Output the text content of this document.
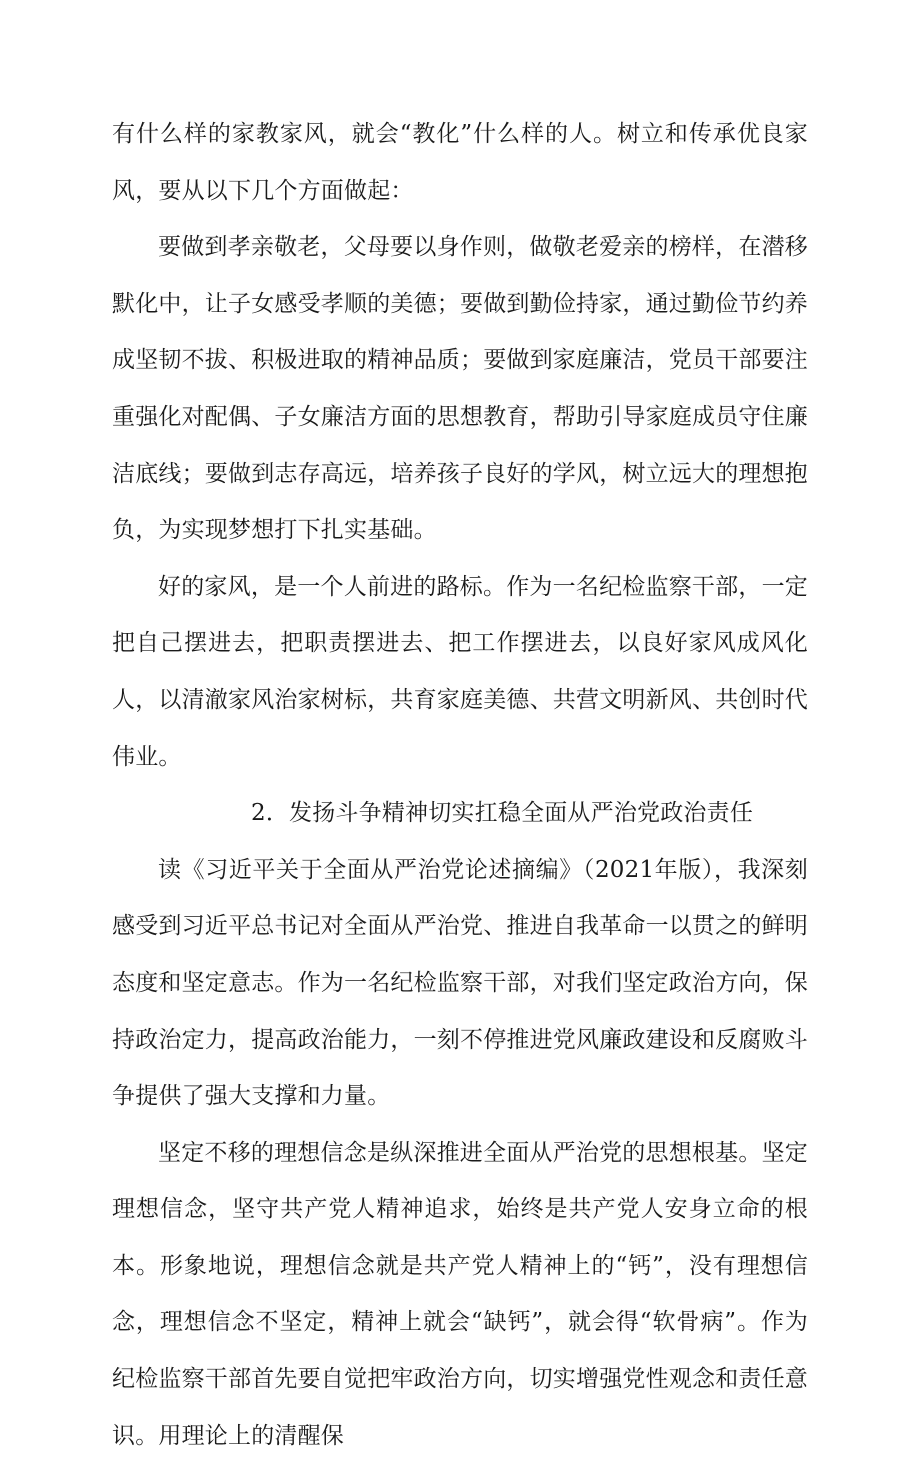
有什么样的家教家风，就会“教化”什么样的人。树立和传承优良家风，要从以下几个方面做起：

要做到孝亲敬老，父母要以身作则，做敬老爱亲的榜样，在潜移默化中，让子女感受孝顺的美德；要做到勤俭持家，通过勤俭节约养成坚韧不拔、积极进取的精神品质；要做到家庭廉洁，党员干部要注重强化对配偶、子女廉洁方面的思想教育，帮助引导家庭成员守住廉洁底线；要做到志存高远，培养孩子良好的学风，树立远大的理想抱负，为实现梦想打下扎实基础。

好的家风，是一个人前进的路标。作为一名纪检监察干部，一定把自己摆进去，把职责摆进去、把工作摆进去，以良好家风成风化人，以清澈家风治家树标，共育家庭美德、共营文明新风、共创时代伟业。

2．发扬斗争精神切实扛稳全面从严治党政治责任

读《习近平关于全面从严治党论述摘编》（2021年版），我深刻感受到习近平总书记对全面从严治党、推进自我革命一以贯之的鲜明态度和坚定意志。作为一名纪检监察干部，对我们坚定政治方向，保持政治定力，提高政治能力，一刻不停推进党风廉政建设和反腐败斗争提供了强大支撑和力量。

坚定不移的理想信念是纵深推进全面从严治党的思想根基。坚定理想信念，坚守共产党人精神追求，始终是共产党人安身立命的根本。形象地说，理想信念就是共产党人精神上的“钙”，没有理想信念，理想信念不坚定，精神上就会“缺钙”，就会得“软骨病”。作为纪检监察干部首先要自觉把牢政治方向，切实增强党性观念和责任意识。用理论上的清醒保
